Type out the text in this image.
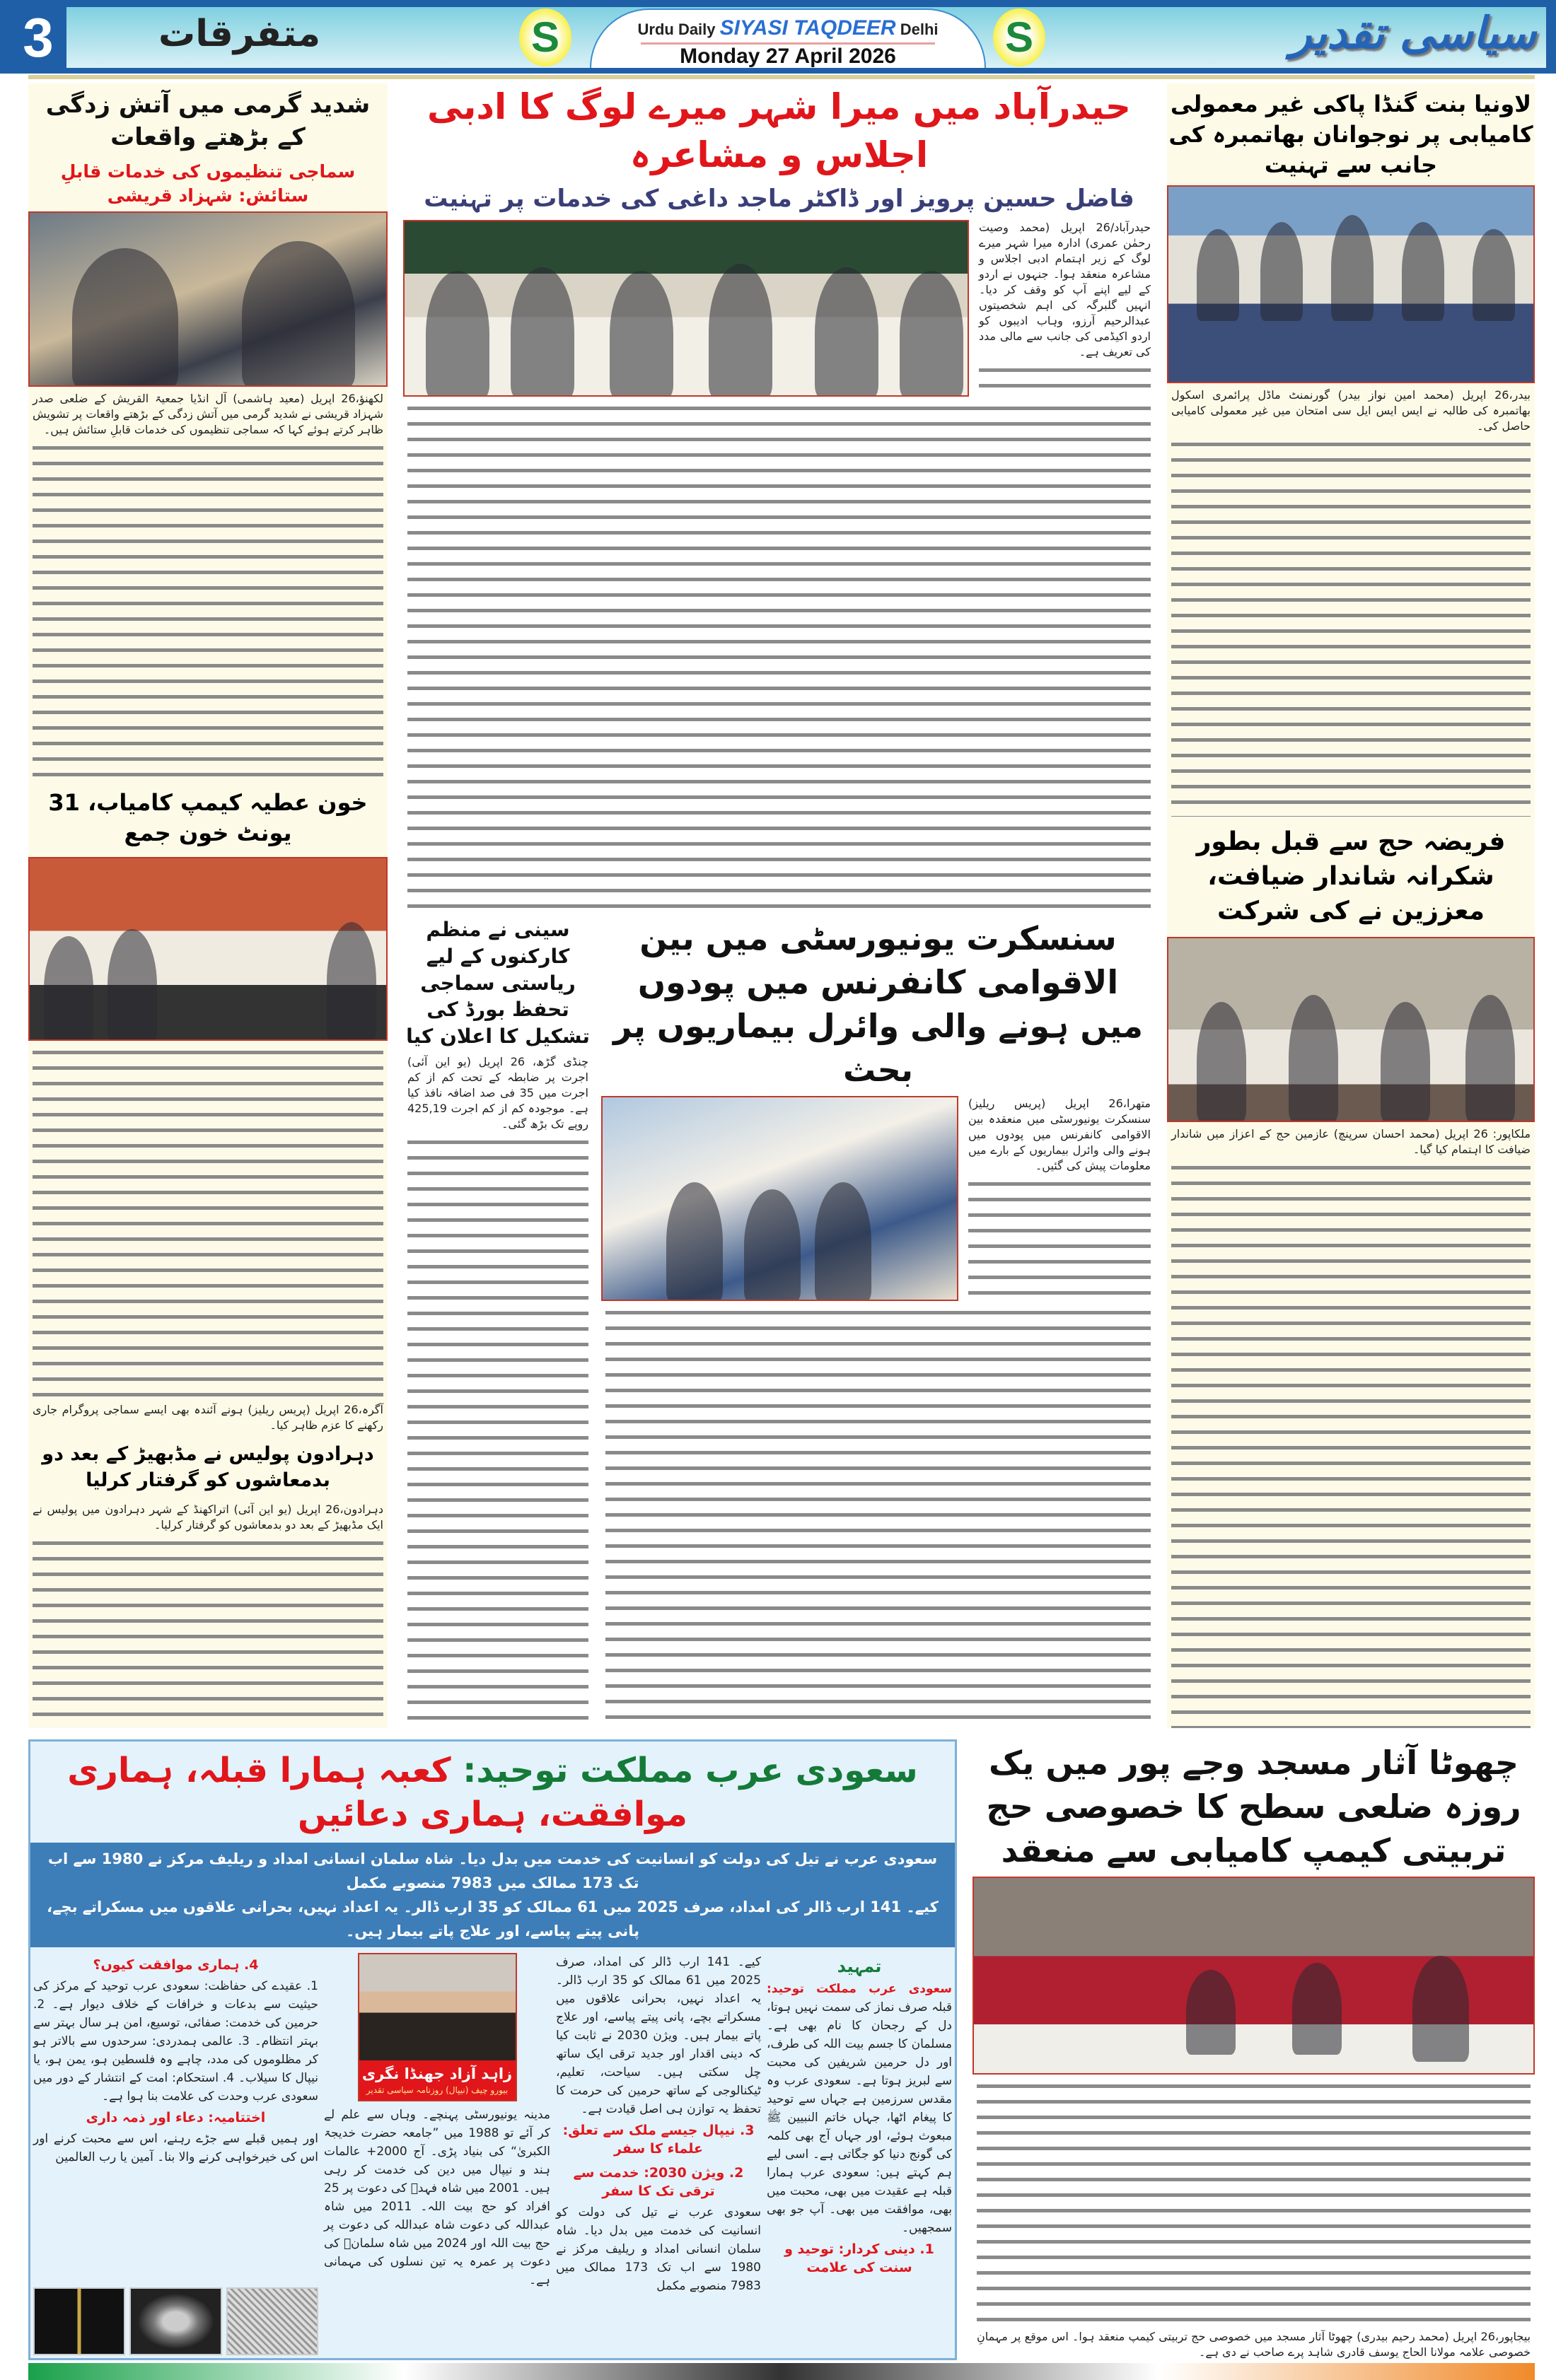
3	متفرقات	S	Urdu Daily SIYASI TAQDEER Delhi
Monday 27 April 2026	S	سیاسی تقدیر
شدید گرمی میں آتش زدگی کے بڑھتے واقعات
سماجی تنظیموں کی خدمات قابلِ ستائش: شہزاد قریشی

لکھنؤ،26 اپریل (معید ہاشمی) آل انڈیا جمعیۃ القریش کے ضلعی صدر شہزاد قریشی نے شدید گرمی میں آتش زدگی کے بڑھتے واقعات پر تشویش ظاہر کرتے ہوئے کہا کہ سماجی تنظیموں کی خدمات قابلِ ستائش ہیں۔

خون عطیہ کیمپ کامیاب، 31 یونٹ خون جمع

آگرہ،26 اپریل (پریس ریلیز) ہونے آئندہ بھی ایسے سماجی پروگرام جاری رکھنے کا عزم ظاہر کیا۔

دہرادون پولیس نے مڈبھیڑ کے بعد دو بدمعاشوں کو گرفتار کرلیا

دہرادون،26 اپریل (یو این آئی) اتراکھنڈ کے شہر دہرادون میں پولیس نے ایک مڈبھیڑ کے بعد دو بدمعاشوں کو گرفتار کرلیا۔

حیدرآباد میں میرا شہر میرے لوگ کا ادبی اجلاس و مشاعرہ
فاضل حسین پرویز اور ڈاکٹر ماجد داغی کی خدمات پر تہنیت

حیدرآباد/26 اپریل (محمد وصیت رحمٰن عمری) ادارہ میرا شہر میرے لوگ کے زیر اہتمام ادبی اجلاس و مشاعرہ منعقد ہوا۔ جنہوں نے اردو کے لیے اپنے آپ کو وقف کر دیا۔ انہیں گلبرگہ کی اہم شخصیتوں عبدالرحیم آرزو، وہاب ادیبوں کو اردو اکیڈمی کی جانب سے مالی مدد کی تعریف ہے۔

سینی نے منظم کارکنوں کے لیے ریاستی سماجی تحفظ بورڈ کی تشکیل کا اعلان کیا

چنڈی گڑھ، 26 اپریل (یو این آئی) اجرت پر ضابطہ کے تحت کم از کم اجرت میں 35 فی صد اضافہ نافذ کیا ہے۔ موجودہ کم از کم اجرت 425,19 روپے تک بڑھ گئی۔

سنسکرت یونیورسٹی میں بین الاقوامی کانفرنس میں پودوں میں ہونے والی وائرل بیماریوں پر بحث

متھرا،26 اپریل (پریس ریلیز) سنسکرت یونیورسٹی میں منعقدہ بین الاقوامی کانفرنس میں پودوں میں ہونے والی وائرل بیماریوں کے بارے میں معلومات پیش کی گئیں۔

لاونیا بنت گنڈا پاکی غیر معمولی کامیابی پر نوجوانان بھاتمبرہ کی جانب سے تہنیت

بیدر،26 اپریل (محمد امین نواز بیدر) گورنمنٹ ماڈل پرائمری اسکول بھاتمبرہ کی طالبہ نے ایس ایس ایل سی امتحان میں غیر معمولی کامیابی حاصل کی۔

فریضہ حج سے قبل بطور شکرانہ شاندار ضیافت، معززین نے کی شرکت

ملکاپور: 26 اپریل (محمد احسان سرپنچ) عازمین حج کے اعزاز میں شاندار ضیافت کا اہتمام کیا گیا۔

چھوٹا آثار مسجد وجے پور میں یک روزہ ضلعی سطح کا خصوصی حج تربیتی کیمپ کامیابی سے منعقد

بیجاپور،26 اپریل (محمد رحیم بیدری) چھوٹا آثار مسجد میں خصوصی حج تربیتی کیمپ منعقد ہوا۔ اس موقع پر مہمانِ خصوصی علامہ مولانا الحاج یوسف قادری شاہد پرے صاحب نے دی ہے۔

سعودی عرب مملکت توحید: کعبہ ہمارا قبلہ، ہماری موافقت، ہماری دعائیں
سعودی عرب نے تیل کی دولت کو انسانیت کی خدمت میں بدل دیا۔ شاہ سلمان انسانی امداد و ریلیف مرکز نے 1980 سے اب تک 173 ممالک میں 7983 منصوبے مکمل
کیے۔ 141 ارب ڈالر کی امداد، صرف 2025 میں 61 ممالک کو 35 ارب ڈالر۔ یہ اعداد نہیں، بحرانی علاقوں میں مسکراتے بچے، پانی پیتے پیاسے، اور علاج پاتے بیمار ہیں۔
تمہید

سعودی عرب مملکت توحید: قبلہ صرف نماز کی سمت نہیں ہوتا، دل کے رجحان کا نام بھی ہے۔ مسلمان کا جسم بیت اللہ کی طرف، اور دل حرمین شریفین کی محبت سے لبریز ہوتا ہے۔ سعودی عرب وہ مقدس سرزمین ہے جہاں سے توحید کا پیغام اٹھا، جہاں خاتم النبیین ﷺ مبعوث ہوئے، اور جہاں آج بھی کلمہ کی گونج دنیا کو جگاتی ہے۔ اسی لیے ہم کہتے ہیں: سعودی عرب ہمارا قبلہ ہے عقیدت میں بھی، محبت میں بھی، موافقت میں بھی۔ آپ جو بھی سمجھیں۔

1. دینی کردار: توحید و سنت کی علامت

کیے۔ 141 ارب ڈالر کی امداد، صرف 2025 میں 61 ممالک کو 35 ارب ڈالر۔ یہ اعداد نہیں، بحرانی علاقوں میں مسکراتے بچے، پانی پیتے پیاسے، اور علاج پاتے بیمار ہیں۔ ویژن 2030 نے ثابت کیا کہ دینی اقدار اور جدید ترقی ایک ساتھ چل سکتی ہیں۔ سیاحت، تعلیم، ٹیکنالوجی کے ساتھ حرمین کی حرمت کا تحفظ یہ توازن ہی اصل قیادت ہے۔

3. نیپال جیسے ملک سے تعلق: علماء کا سفر
2. ویژن 2030: خدمت سے ترقی تک کا سفر

سعودی عرب نے تیل کی دولت کو انسانیت کی خدمت میں بدل دیا۔ شاہ سلمان انسانی امداد و ریلیف مرکز نے 1980 سے اب تک 173 ممالک میں 7983 منصوبے مکمل

زاہد آزاد جھنڈا نگری
بیورو چیف (نیپال) روزنامہ سیاسی تقدیر

مدینہ یونیورسٹی پہنچے۔ وہاں سے علم لے کر آئے تو 1988 میں ”جامعہ حضرت خدیجۃ الکبریٰ“ کی بنیاد پڑی۔ آج 2000+ عالمات ہند و نیپال میں دین کی خدمت کر رہی ہیں۔ 2001 میں شاہ فہدؒ کی دعوت پر 25 افراد کو حج بیت اللہ۔ 2011 میں شاہ عبداللہ کی دعوت شاہ عبداللہ کی دعوت پر حج بیت اللہ اور 2024 میں شاہ سلمانؒ کی دعوت پر عمرہ یہ تین نسلوں کی مہمانی ہے۔

4. ہماری موافقت کیوں؟

1. عقیدے کی حفاظت: سعودی عرب توحید کے مرکز کی حیثیت سے بدعات و خرافات کے خلاف دیوار ہے۔ 2. حرمین کی خدمت: صفائی، توسیع، امن ہر سال بہتر سے بہتر انتظام۔ 3. عالمی ہمدردی: سرحدوں سے بالاتر ہو کر مظلوموں کی مدد، چاہے وہ فلسطین ہو، یمن ہو، یا نیپال کا سیلاب۔ 4. استحکام: امت کے انتشار کے دور میں سعودی عرب وحدت کی علامت بنا ہوا ہے۔

اختتامیہ: دعاء اور ذمہ داری

اور ہمیں قبلے سے جڑے رہنے، اس سے محبت کرنے اور اس کی خیرخواہی کرنے والا بنا۔ آمین یا رب العالمین
